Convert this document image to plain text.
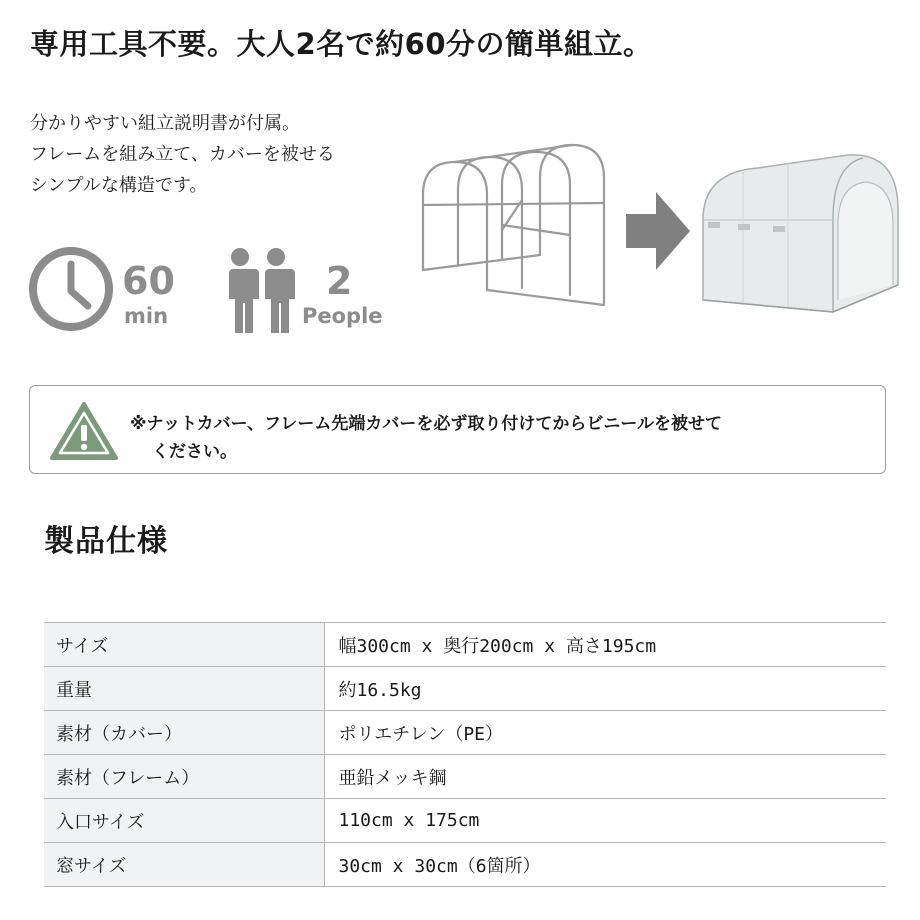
専用工具不要。大人2名で約60分の簡単組立。
分かりやすい組立説明書が付属。
フレームを組み立て、カバーを被せる
シンプルな構造です。
60
min
2
People
※ナットカバー、フレーム先端カバーを必ず取り付けてからビニールを被せて
ください。
製品仕様
サイズ	幅300cm x 奥行200cm x 高さ195cm
重量	約16.5kg
素材（カバー）	ポリエチレン（PE）
素材（フレーム）	亜鉛メッキ鋼
入口サイズ	110cm x 175cm
窓サイズ	30cm x 30cm（6箇所）
